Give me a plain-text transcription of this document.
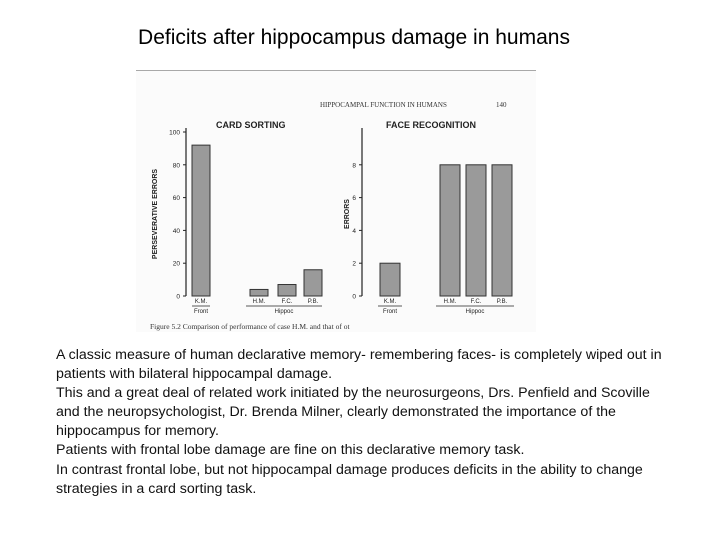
Deficits after hippocampus damage in humans
HIPPOCAMPAL FUNCTION IN HUMANS	140
CARD SORTING
PERSEVERATIVE ERRORS
0
20
40
60
80
100
K.M.	H.M.	F.C.	P.B.
Front	Hippoc
FACE RECOGNITION
ERRORS
0
2
4
6
8
K.M.	H.M. F.C.	P.B.
Front	Hippoc
Figure 5.2 Comparison of performance of case H.M. and that of ot

A classic measure of human declarative memory- remembering faces- is completely wiped out in patients with bilateral hippocampal damage.

This and a great deal of related work initiated by the neurosurgeons, Drs. Penfield and Scoville and the neuropsychologist, Dr. Brenda Milner, clearly demonstrated the importance of the hippocampus for memory.

Patients with frontal lobe damage are fine on this declarative memory task.

In contrast frontal lobe, but not hippocampal damage produces deficits in the ability to change strategies in a card sorting task.
